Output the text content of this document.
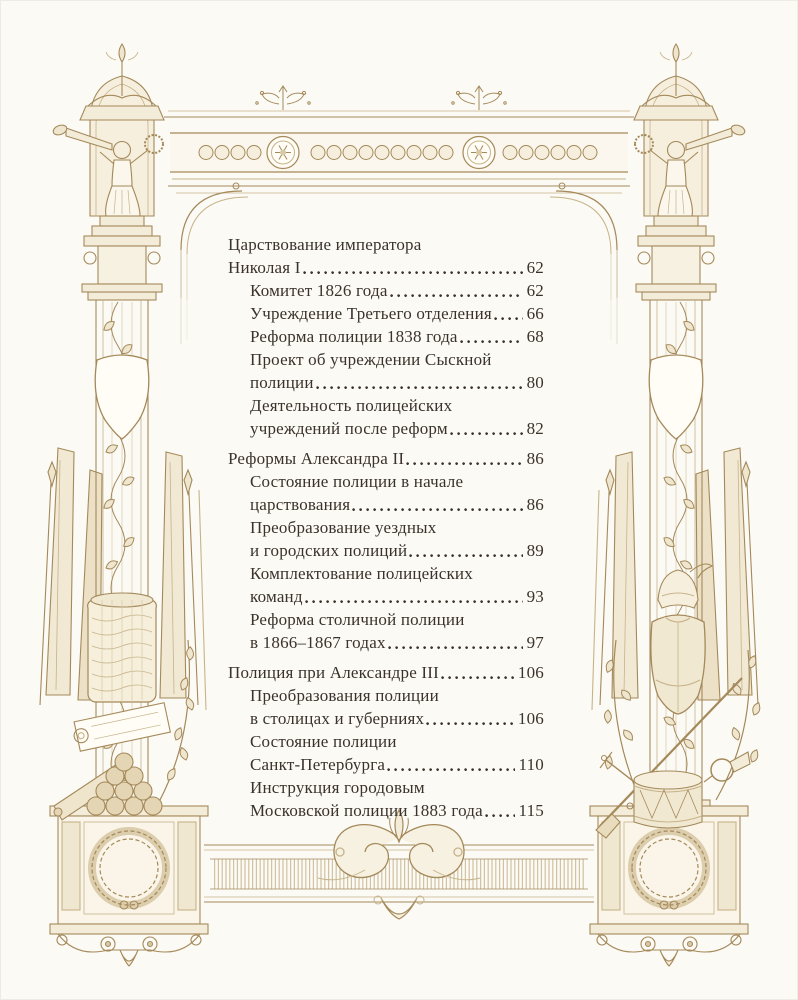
Царствование императора
Николая I	62
Комитет 1826 года	62
Учреждение Третьего отделения 66
Реформа полиции 1838 года	68
Проект об учреждении Сыскной
полиции	80
Деятельность полицейских
учреждений после реформ	82
Реформы Александра II	86
Состояние полиции в начале
царствования	86
Преобразование уездных
и городских полиций	89
Комплектование полицейских
команд	93
Реформа столичной полиции
в 1866–1867 годах	97
Полиция при Александре III	106
Преобразования полиции
в столицах и губерниях	106
Состояние полиции
Санкт-Петербурга	110
Инструкция городовым
Московской полиции 1883 года 115
